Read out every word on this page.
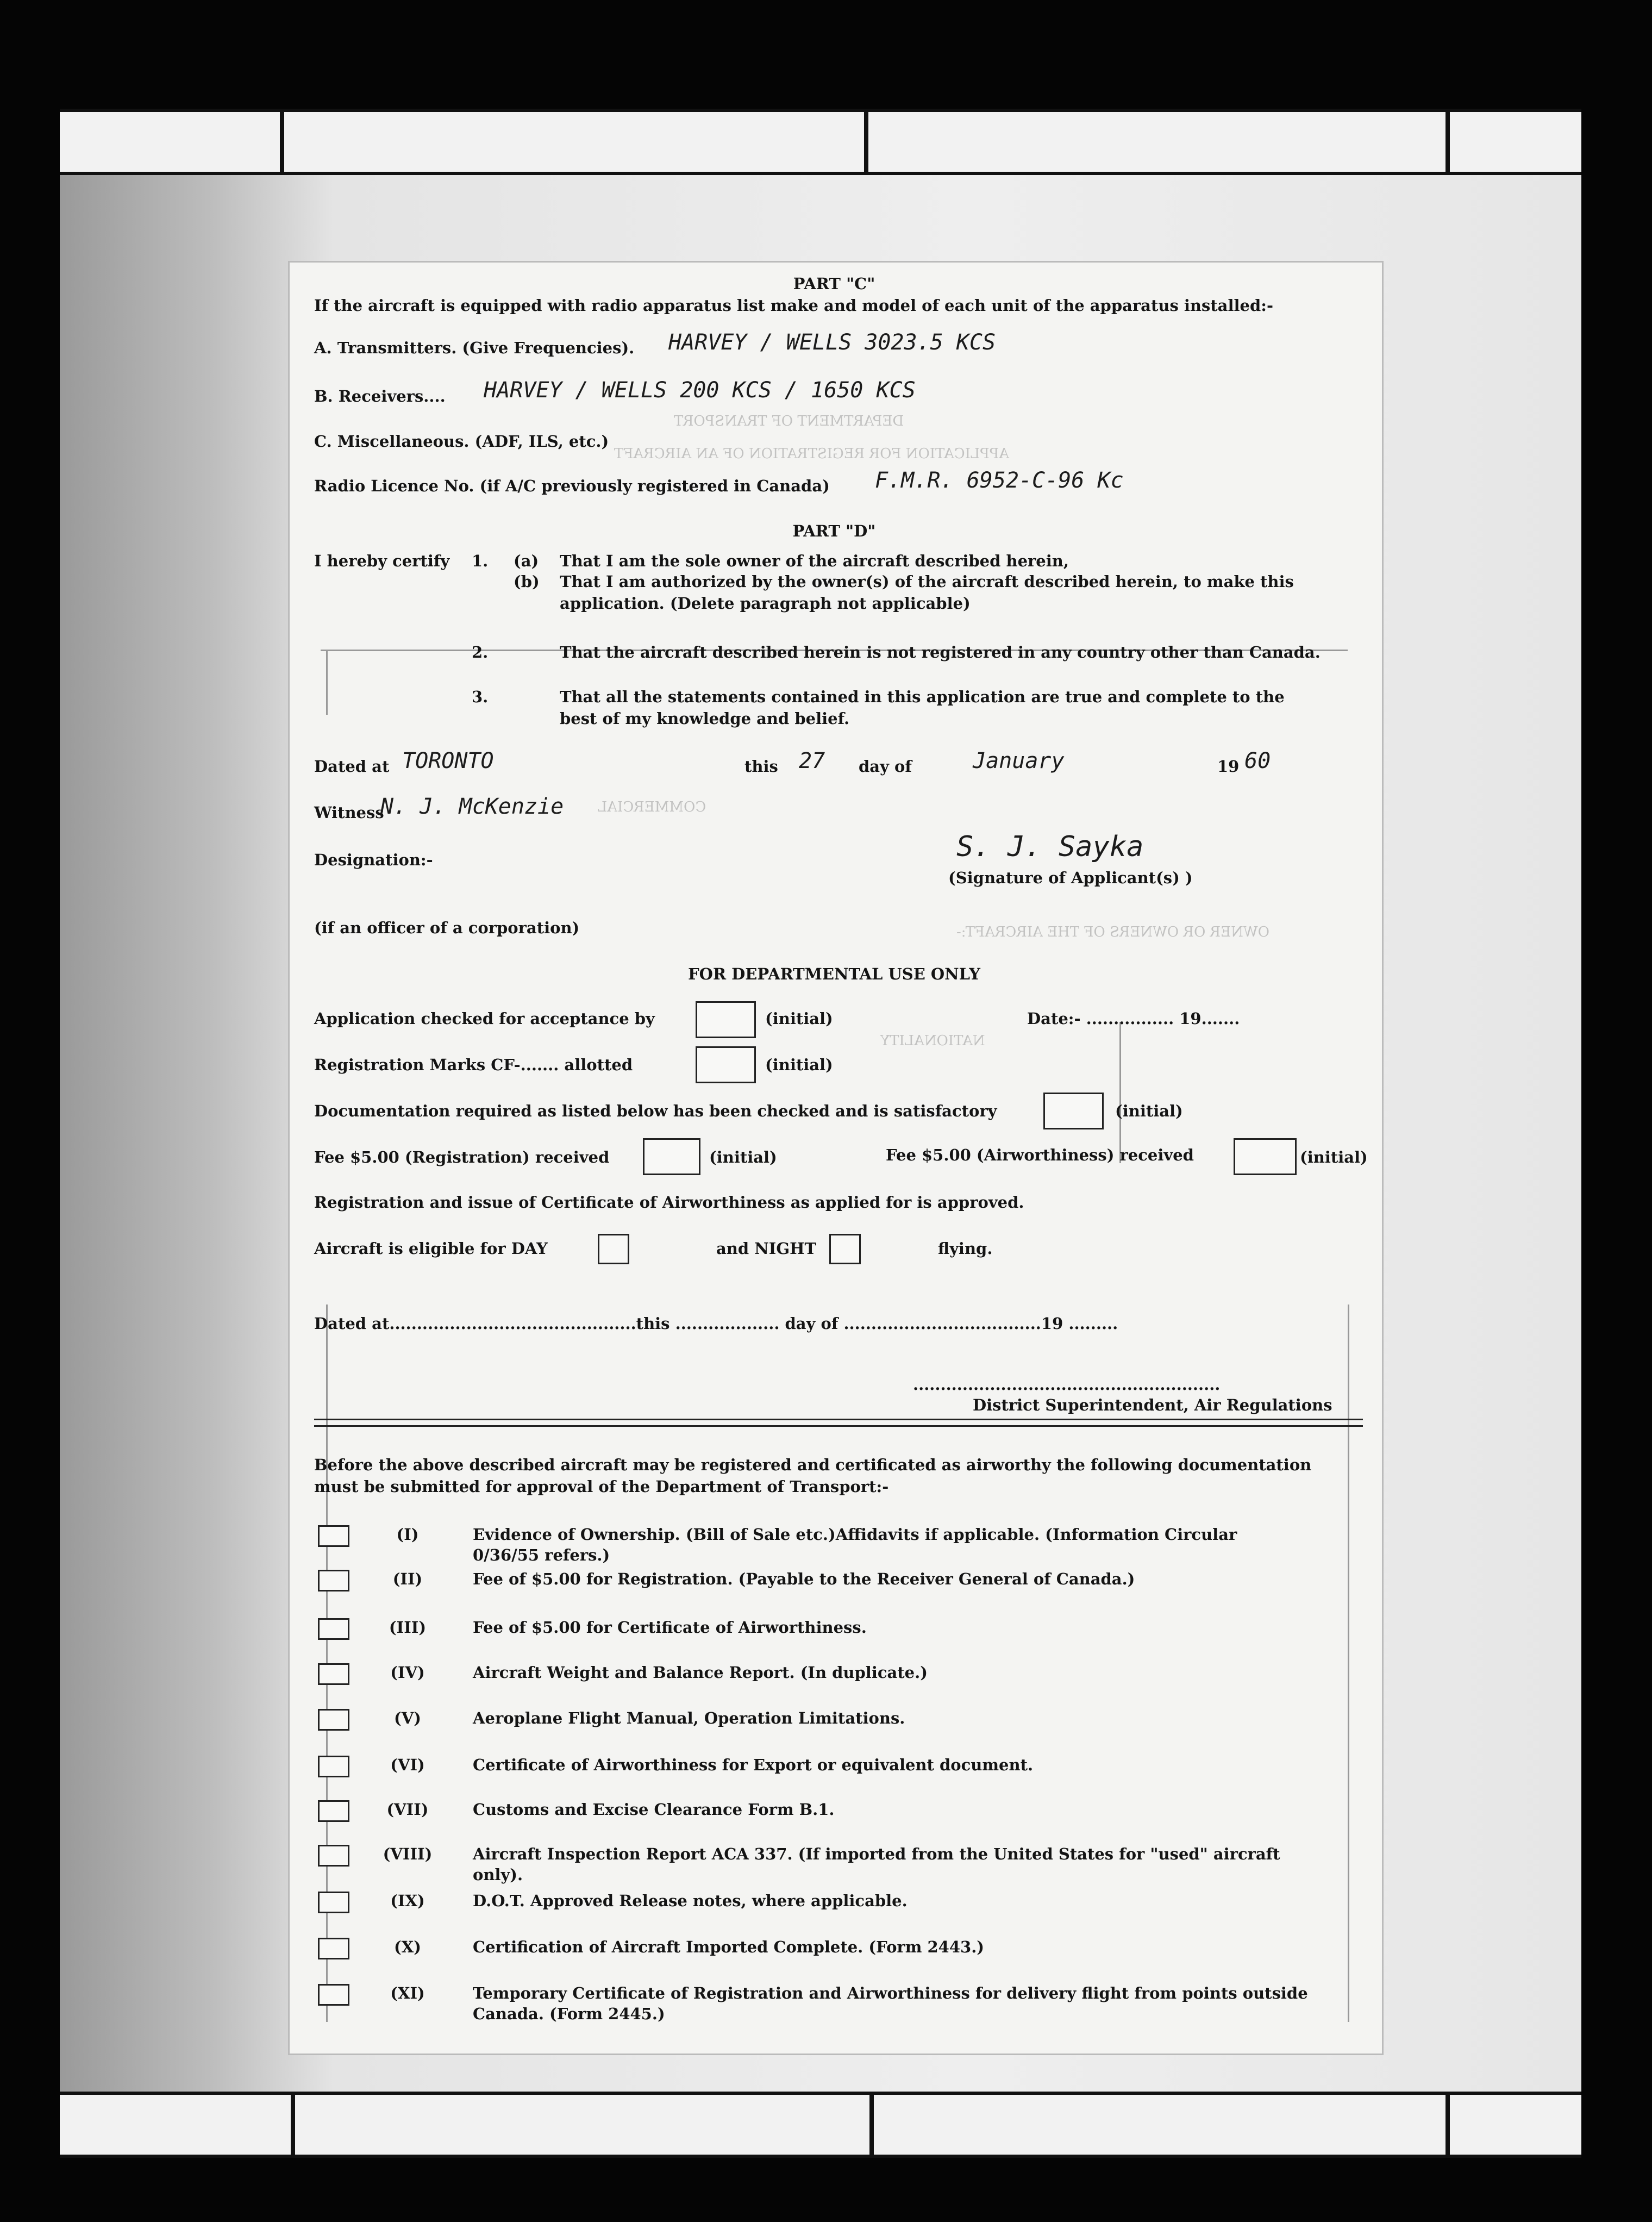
DEPARTMENT OF TRANSPORT
APPLICATION FOR REGISTRATION OF AN AIRCRAFT
OWNER OR OWNERS OF THE AIRCRAFT:-
NATIONALITY
COMMERCIAL
PART "C"
If the aircraft is equipped with radio apparatus list make and model of each unit of the apparatus installed:-
A. Transmitters. (Give Frequencies). HARVEY / WELLS 3023.5 KCS
B. Receivers.... HARVEY / WELLS 200 KCS / 1650 KCS
C. Miscellaneous. (ADF, ILS, etc.)
Radio Licence No. (if A/C previously registered in Canada) F.M.R. 6952-C-96 Kc
PART "D"
I hereby certify 1. (a) That I am the sole owner of the aircraft described herein,
(b) That I am authorized by the owner(s) of the aircraft described herein, to make this
application. (Delete paragraph not applicable)
2.	That the aircraft described herein is not registered in any country other than Canada.
3.	That all the statements contained in this application are true and complete to the
best of my knowledge and belief.
Dated at TORONTO	this 27 day of	January	19 60
Witness
N. J. McKenzie
S. J. Sayka
Designation:-
(Signature of Applicant(s) )
(if an officer of a corporation)
FOR DEPARTMENTAL USE ONLY
Application checked for acceptance by	(initial)	Date:- ................ 19.......
Registration Marks CF-....... allotted	(initial)
Documentation required as listed below has been checked and is satisfactory	(initial)
Fee $5.00 (Registration) received	(initial)	Fee $5.00 (Airworthiness) received	(initial)
Registration and issue of Certificate of Airworthiness as applied for is approved.
Aircraft is eligible for DAY	and NIGHT	flying.
Dated at.............................................this ................... day of ....................................19 .........
........................................................
District Superintendent, Air Regulations
Before the above described aircraft may be registered and certificated as airworthy the following documentation
must be submitted for approval of the Department of Transport:-
(I)	Evidence of Ownership. (Bill of Sale etc.)Affidavits if applicable. (Information Circular
0/36/55 refers.)
(II)	Fee of $5.00 for Registration. (Payable to the Receiver General of Canada.)
(III)	Fee of $5.00 for Certificate of Airworthiness.
(IV)	Aircraft Weight and Balance Report. (In duplicate.)
(V)	Aeroplane Flight Manual, Operation Limitations.
(VI)	Certificate of Airworthiness for Export or equivalent document.
(VII)	Customs and Excise Clearance Form B.1.
(VIII)	Aircraft Inspection Report ACA 337. (If imported from the United States for "used" aircraft
only).
(IX)	D.O.T. Approved Release notes, where applicable.
(X)	Certification of Aircraft Imported Complete. (Form 2443.)
(XI)	Temporary Certificate of Registration and Airworthiness for delivery flight from points outside
Canada. (Form 2445.)
